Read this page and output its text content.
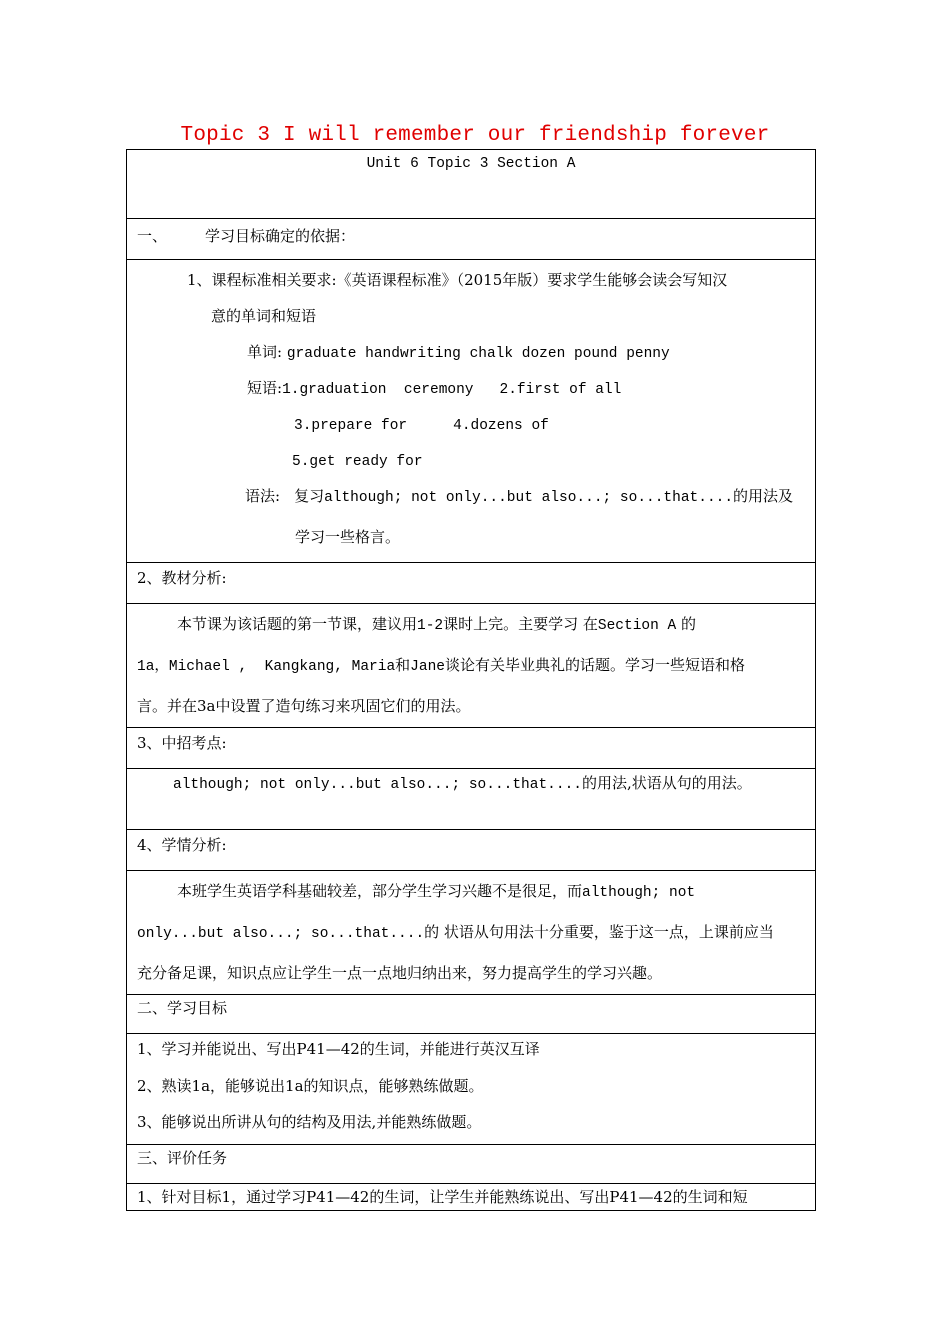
Topic 3 I will remember our friendship forever
Unit 6 Topic 3 Section A
一、	学习目标确定的依据：

1、课程标准相关要求:《英语课程标准》（2015年版）要求学生能够会读会写知汉
意的单词和短语
单词: graduate handwriting chalk dozen pound penny
短语:1.graduation  ceremony 2.first of all
3.prepare for	4.dozens of
5.get ready for
语法: 复习although; not only...but also...; so...that....的用法及
学习一些格言。

2、教材分析:

本节课为该话题的第一节课，建议用1-2课时上完。主要学习 在Section A 的
1a，Michael ,  Kangkang, Maria和Jane谈论有关毕业典礼的话题。学习一些短语和格
言。并在3a中设置了造句练习来巩固它们的用法。

3、中招考点:

although; not only...but also...; so...that....的用法,状语从句的用法。

4、学情分析:

本班学生英语学科基础较差，部分学生学习兴趣不是很足，而although; not
only...but also...; so...that....的 状语从句用法十分重要，鉴于这一点，上课前应当
充分备足课，知识点应让学生一点一点地归纳出来，努力提高学生的学习兴趣。

二、学习目标

1、学习并能说出、写出P41—42的生词，并能进行英汉互译
2、熟读1a，能够说出1a的知识点，能够熟练做题。
3、能够说出所讲从句的结构及用法,并能熟练做题。

三、评价任务

1、针对目标1，通过学习P41—42的生词，让学生并能熟练说出、写出P41—42的生词和短
